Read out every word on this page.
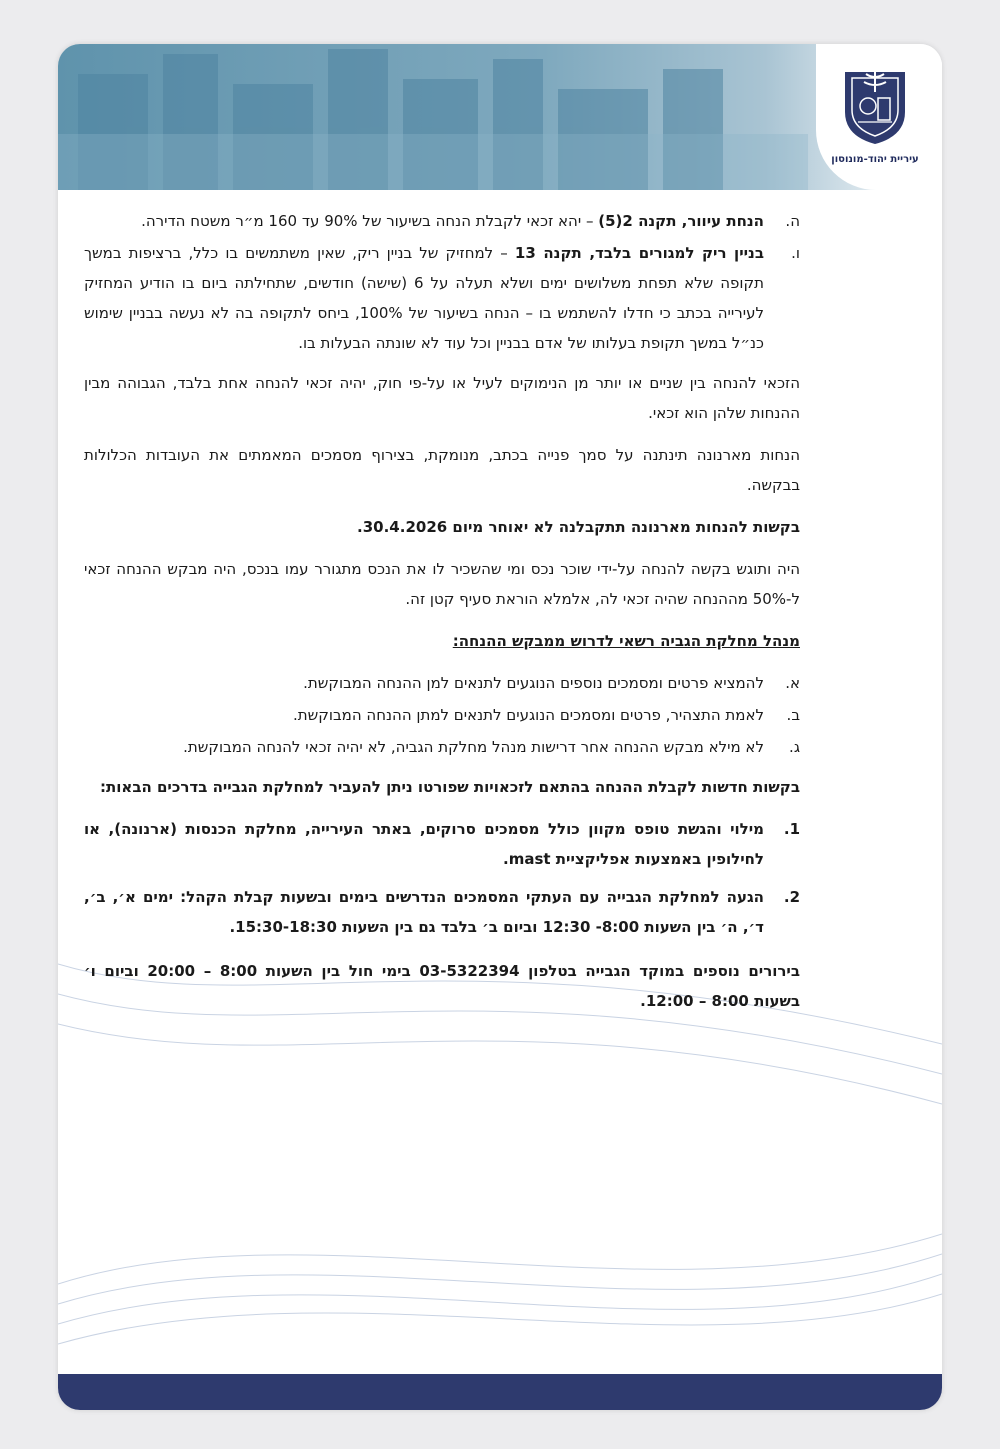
עיריית יהוד-מונוסון
ה.
הנחת עיוור, תקנה 2(5) – יהא זכאי לקבלת הנחה בשיעור של 90% עד 160 מ״ר משטח הדירה.
ו.
בניין ריק למגורים בלבד, תקנה 13 – למחזיק של בניין ריק, שאין משתמשים בו כלל, ברציפות במשך תקופה שלא תפחת משלושים ימים ושלא תעלה על 6 (שישה) חודשים, שתחילתה ביום בו הודיע המחזיק לעירייה בכתב כי חדלו להשתמש בו – הנחה בשיעור של 100%, ביחס לתקופה בה לא נעשה בבניין שימוש כנ״ל במשך תקופת בעלותו של אדם בבניין וכל עוד לא שונתה הבעלות בו.

הזכאי להנחה בין שניים או יותר מן הנימוקים לעיל או על-פי חוק, יהיה זכאי להנחה אחת בלבד, הגבוהה מבין ההנחות שלהן הוא זכאי.

הנחות מארנונה תינתנה על סמך פנייה בכתב, מנומקת, בצירוף מסמכים המאמתים את העובדות הכלולות בבקשה.

בקשות להנחות מארנונה תתקבלנה לא יאוחר מיום 30.4.2026.

היה ותוגש בקשה להנחה על-ידי שוכר נכס ומי שהשכיר לו את הנכס מתגורר עמו בנכס, היה מבקש ההנחה זכאי ל-50% מההנחה שהיה זכאי לה, אלמלא הוראת סעיף קטן זה.

מנהל מחלקת הגביה רשאי לדרוש ממבקש ההנחה:

א.
להמציא פרטים ומסמכים נוספים הנוגעים לתנאים למן ההנחה המבוקשת.
ב.
לאמת התצהיר, פרטים ומסמכים הנוגעים לתנאים למתן ההנחה המבוקשת.
ג.
לא מילא מבקש ההנחה אחר דרישות מנהל מחלקת הגביה, לא יהיה זכאי להנחה המבוקשת.

בקשות חדשות לקבלת ההנחה בהתאם לזכאויות שפורטו ניתן להעביר למחלקת הגבייה בדרכים הבאות:

1.
מילוי והגשת טופס מקוון כולל מסמכים סרוקים, באתר העירייה, מחלקת הכנסות (ארנונה), או לחילופין באמצעות אפליקציית mast.
2.
הגעה למחלקת הגבייה עם העתקי המסמכים הנדרשים בימים ובשעות קבלת הקהל: ימים א׳, ב׳, ד׳, ה׳ בין השעות 8:00- 12:30 וביום ב׳ בלבד גם בין השעות 15:30-18:30.

בירורים נוספים במוקד הגבייה בטלפון 03-5322394 בימי חול בין השעות 8:00 – 20:00 וביום ו׳ בשעות 8:00 – 12:00.
